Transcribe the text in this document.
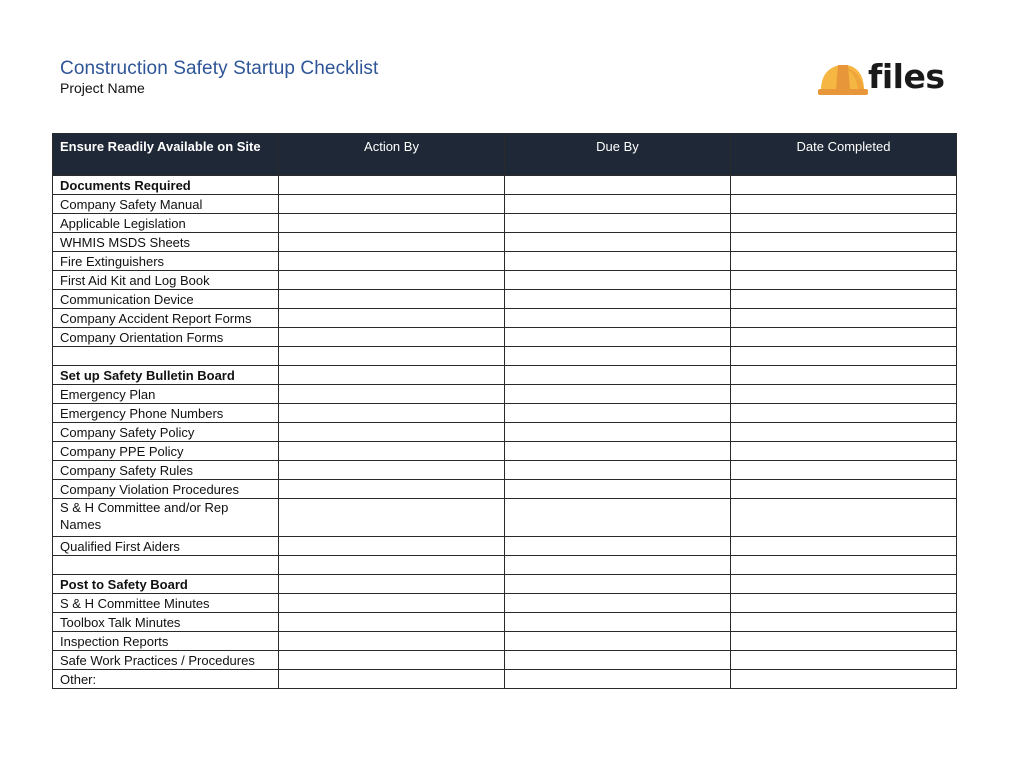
Construction Safety Startup Checklist
Project Name	files
Ensure Readily Available on Site	Action By	Due By	Date Completed
Documents Required			
Company Safety Manual			
Applicable Legislation			
WHMIS MSDS Sheets			
Fire Extinguishers			
First Aid Kit and Log Book			
Communication Device			
Company Accident Report Forms			
Company Orientation Forms			

Set up Safety Bulletin Board			
Emergency Plan			
Emergency Phone Numbers			
Company Safety Policy			
Company PPE Policy			
Company Safety Rules			
Company Violation Procedures			
S & H Committee and/or Rep Names			
Qualified First Aiders			

Post to Safety Board			
S & H Committee Minutes			
Toolbox Talk Minutes			
Inspection Reports			
Safe Work Practices / Procedures			
Other:			
